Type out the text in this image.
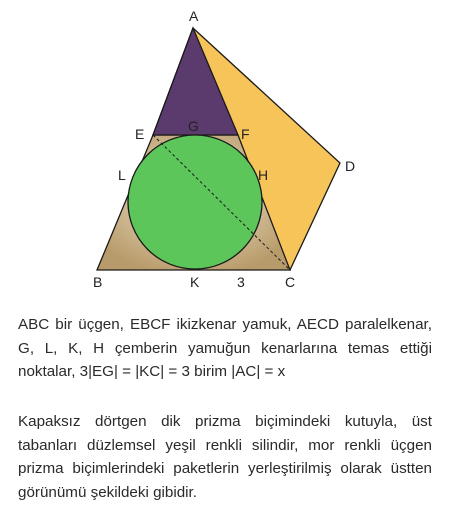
A
E	G	F
L	H
D
B	K	3	C

ABC bir üçgen, EBCF ikizkenar yamuk, AECD paralelkenar, G, L, K, H çemberin yamuğun kenarlarına temas ettiği noktalar, 3|EG| = |KC| = 3 birim |AC| = x

Kapaksız dörtgen dik prizma biçimindeki kutuyla, üst tabanları düzlemsel yeşil renkli silindir, mor renkli üçgen prizma biçimlerindeki paketlerin yerleştirilmiş olarak üstten görünümü şekildeki gibidir.
